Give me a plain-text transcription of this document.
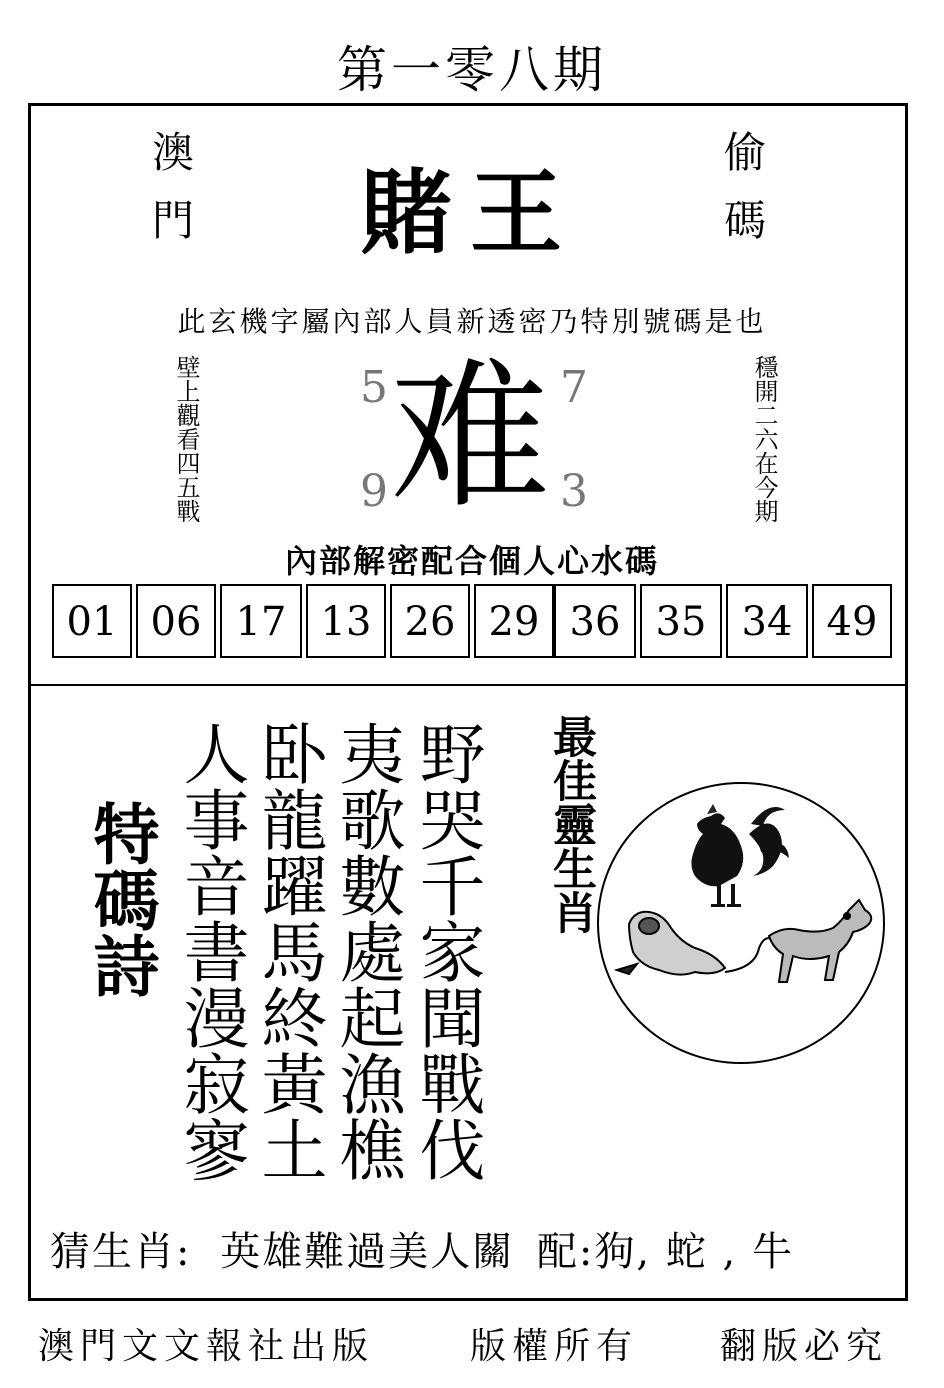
第一零八期
澳門	賭王	偷碼
此玄機字屬內部人員新透密乃特別號碼是也
壁上觀看四五戰	穩開二六在今期
5	7
9	3
难
內部解密配合個人心水碼
01 06 17 13 26 29 36 35 34 49
特碼詩	野哭千家聞戰伐
夷歌數處起漁樵
卧龍躍馬終黃土
人事音書漫寂寥	最佳靈生肖
猜生肖: 英雄難過美人關 配:狗, 蛇 , 牛
澳門文文報社出版	版權所有 翻版必究
